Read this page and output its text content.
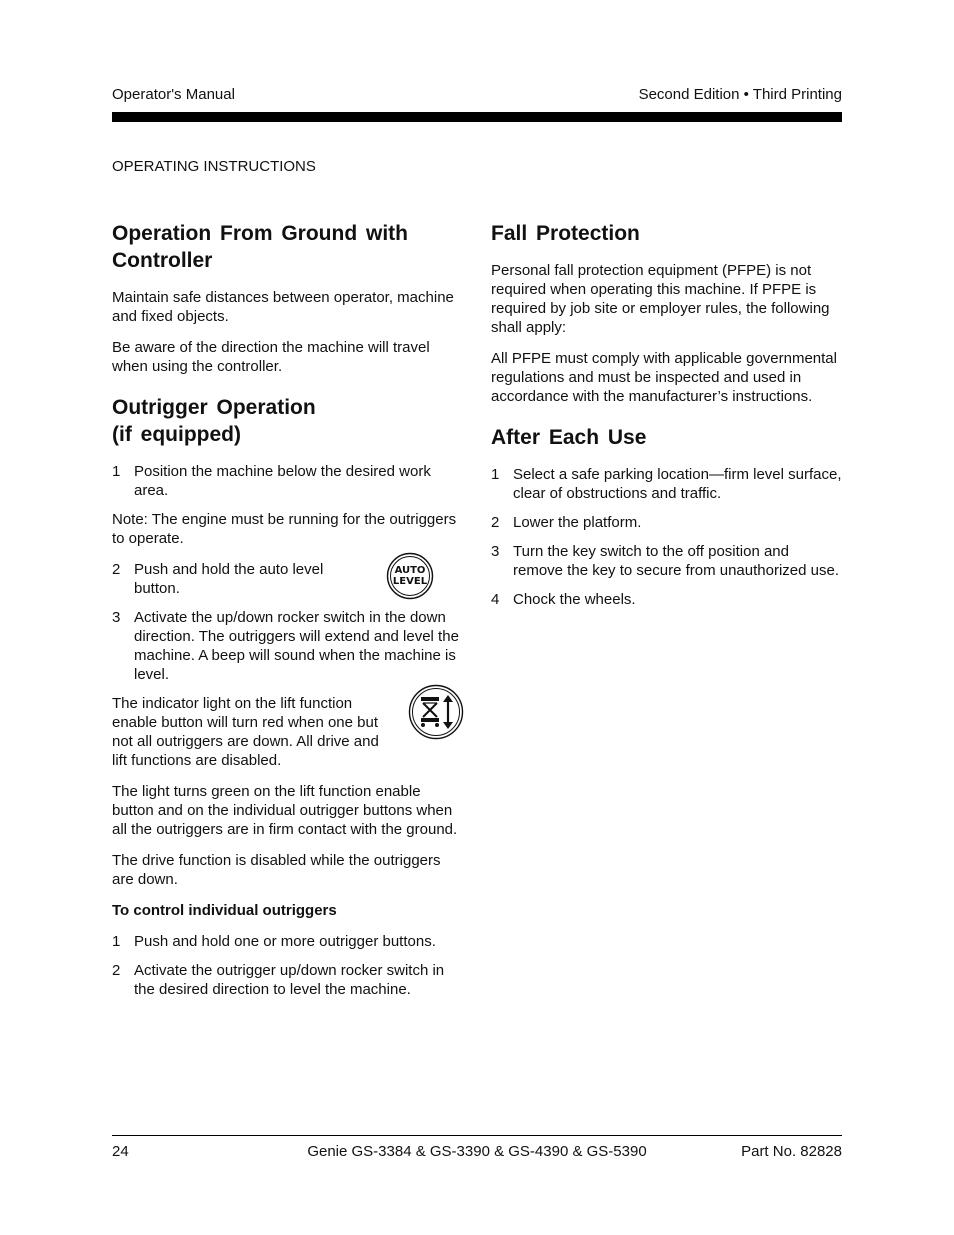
Operator's Manual	Second Edition • Third Printing
OPERATING INSTRUCTIONS
Operation From Ground with Controller

Maintain safe distances between operator, machine and fixed objects.

Be aware of the direction the machine will travel when using the controller.

Outrigger Operation
(if equipped)
1 Position the machine below the desired work area.

Note: The engine must be running for the outriggers to operate.

2 Push and hold the auto level button.
AUTO
LEVEL
3 Activate the up/down rocker switch in the down direction. The outriggers will extend and level the machine. A beep will sound when the machine is level.

The indicator light on the lift function enable button will turn red when one but not all outriggers are down. All drive and lift functions are disabled.

The light turns green on the lift function enable button and on the individual outrigger buttons when all the outriggers are in firm contact with the ground.

The drive function is disabled while the outriggers are down.

To control individual outriggers
1 Push and hold one or more outrigger buttons.
2 Activate the outrigger up/down rocker switch in the desired direction to level the machine.
Fall Protection

Personal fall protection equipment (PFPE) is not required when operating this machine. If PFPE is required by job site or employer rules, the following shall apply:

All PFPE must comply with applicable governmental regulations and must be inspected and used in accordance with the manufacturer’s instructions.

After Each Use
1 Select a safe parking location—firm level surface, clear of obstructions and traffic.
2 Lower the platform.
3 Turn the key switch to the off position and remove the key to secure from unauthorized use.
4 Chock the wheels.
24	Genie GS-3384 & GS-3390 & GS-4390 & GS-5390	Part No. 82828
